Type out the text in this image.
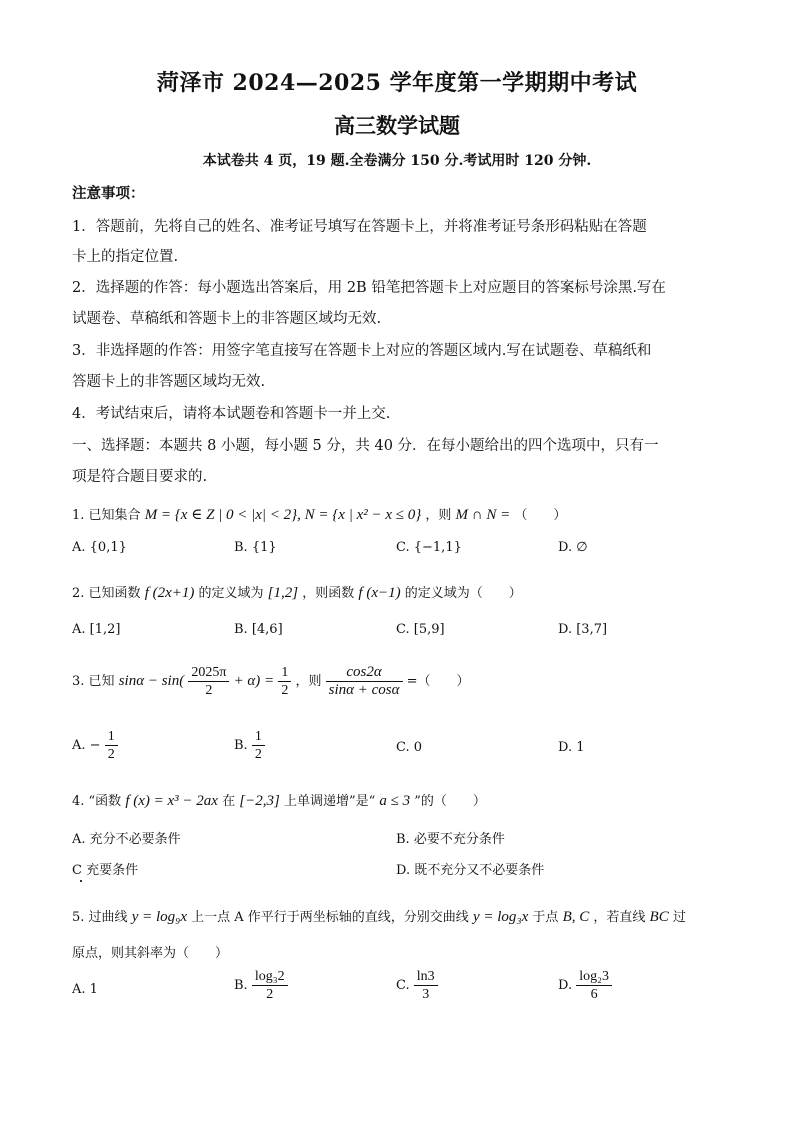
菏泽市 2024—2025 学年度第一学期期中考试
高三数学试题
本试卷共 4 页，19 题.全卷满分 150 分.考试用时 120 分钟.
注意事项：
1．答题前，先将自己的姓名、准考证号填写在答题卡上，并将准考证号条形码粘贴在答题
卡上的指定位置.
2．选择题的作答：每小题选出答案后，用 2B 铅笔把答题卡上对应题目的答案标号涂黑.写在
试题卷、草稿纸和答题卡上的非答题区域均无效.
3．非选择题的作答：用签字笔直接写在答题卡上对应的答题区域内.写在试题卷、草稿纸和
答题卡上的非答题区域均无效.
4．考试结束后，请将本试题卷和答题卡一并上交.
一、选择题：本题共 8 小题，每小题 5 分，共 40 分．在每小题给出的四个选项中，只有一
项是符合题目要求的.
1. 已知集合 M = {x ∈ Z | 0 < |x| < 2}, N = {x | x² − x ≤ 0} ，则 M ∩ N = （　　）
A. {0,1}	B. {1}	C. {−1,1}	D. ∅
2. 已知函数 f (2x+1) 的定义域为 [1,2] ，则函数 f (x−1) 的定义域为（　　）
A. [1,2]	B. [4,6]	C. [5,9]	D. [3,7]
3. 已知 $\sin\alpha - \sin( \frac{2025\pi}{2} + \alpha) = \frac{1}{2}$ ，则 $\frac{\cos 2\alpha}{\sin\alpha + \cos\alpha}$ =（　　）
A. − $\frac{1}{2}$	B. $\frac{1}{2}$	C. 0	D. 1
4. “函数 f (x) = x³ − 2ax 在 [−2,3] 上单调递增”是“ a ≤ 3 ”的（　　）
A. 充分不必要条件	B. 必要不充分条件
C 充要条件	D. 既不充分又不必要条件
5. 过曲线 y = log₉x 上一点 A 作平行于两坐标轴的直线，分别交曲线 y = log₃x 于点 B, C ，若直线 BC 过
原点，则其斜率为（　　）
A. 1	B. $\frac{\text{log₃2}}{2}$	C. $\frac{\ln 3}{3}$	D. $\frac{\text{log₂3}}{6}$
